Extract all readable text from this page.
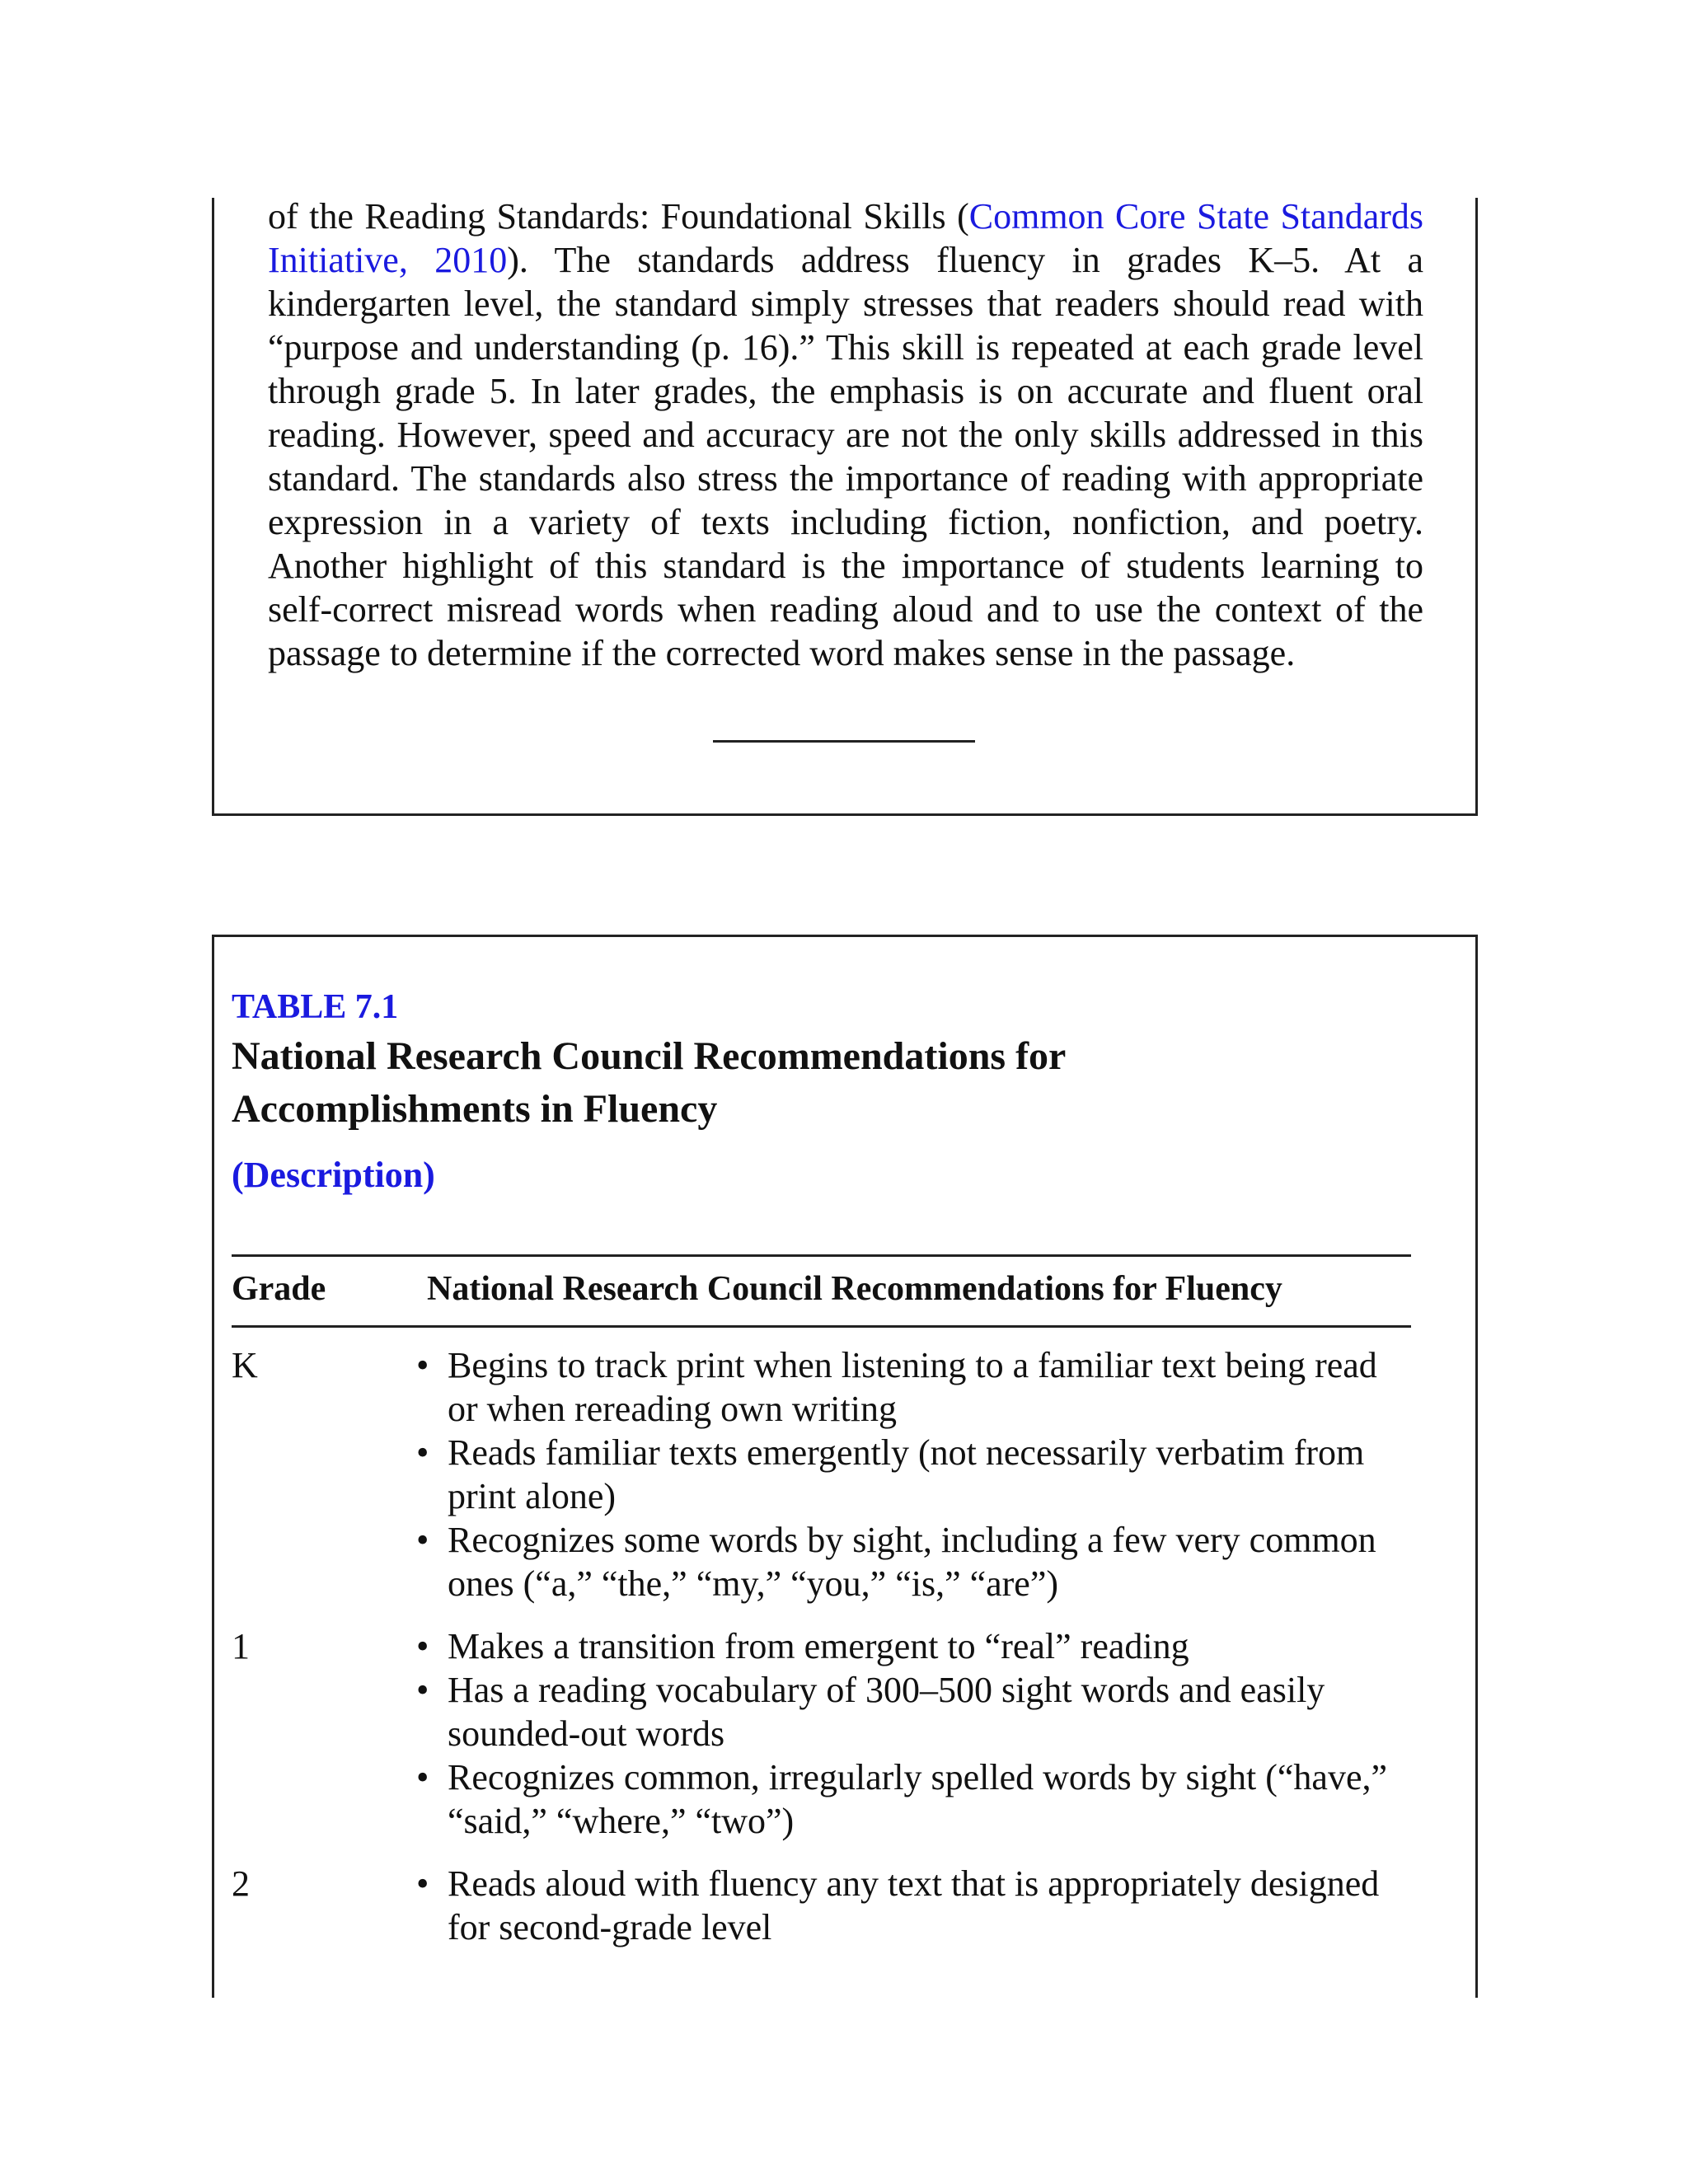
of the Reading Standards: Foundational Skills (Common Core State Standards
Initiative, 2010). The standards address fluency in grades K–5. At a
kindergarten level, the standard simply stresses that readers should read with
“purpose and understanding (p. 16).” This skill is repeated at each grade level
through grade 5. In later grades, the emphasis is on accurate and fluent oral
reading. However, speed and accuracy are not the only skills addressed in this
standard. The standards also stress the importance of reading with appropriate
expression in a variety of texts including fiction, nonfiction, and poetry.
Another highlight of this standard is the importance of students learning to
self-correct misread words when reading aloud and to use the context of the
passage to determine if the corrected word makes sense in the passage.
TABLE 7.1
National Research Council Recommendations for
Accomplishments in Fluency
(Description)
Grade	National Research Council Recommendations for Fluency
K	• Begins to track print when listening to a familiar text being read
or when rereading own writing
• Reads familiar texts emergently (not necessarily verbatim from
print alone)
• Recognizes some words by sight, including a few very common
ones (“a,” “the,” “my,” “you,” “is,” “are”)
1	• Makes a transition from emergent to “real” reading
• Has a reading vocabulary of 300–500 sight words and easily
sounded-out words
• Recognizes common, irregularly spelled words by sight (“have,”
“said,” “where,” “two”)
2	• Reads aloud with fluency any text that is appropriately designed
for second-grade level
